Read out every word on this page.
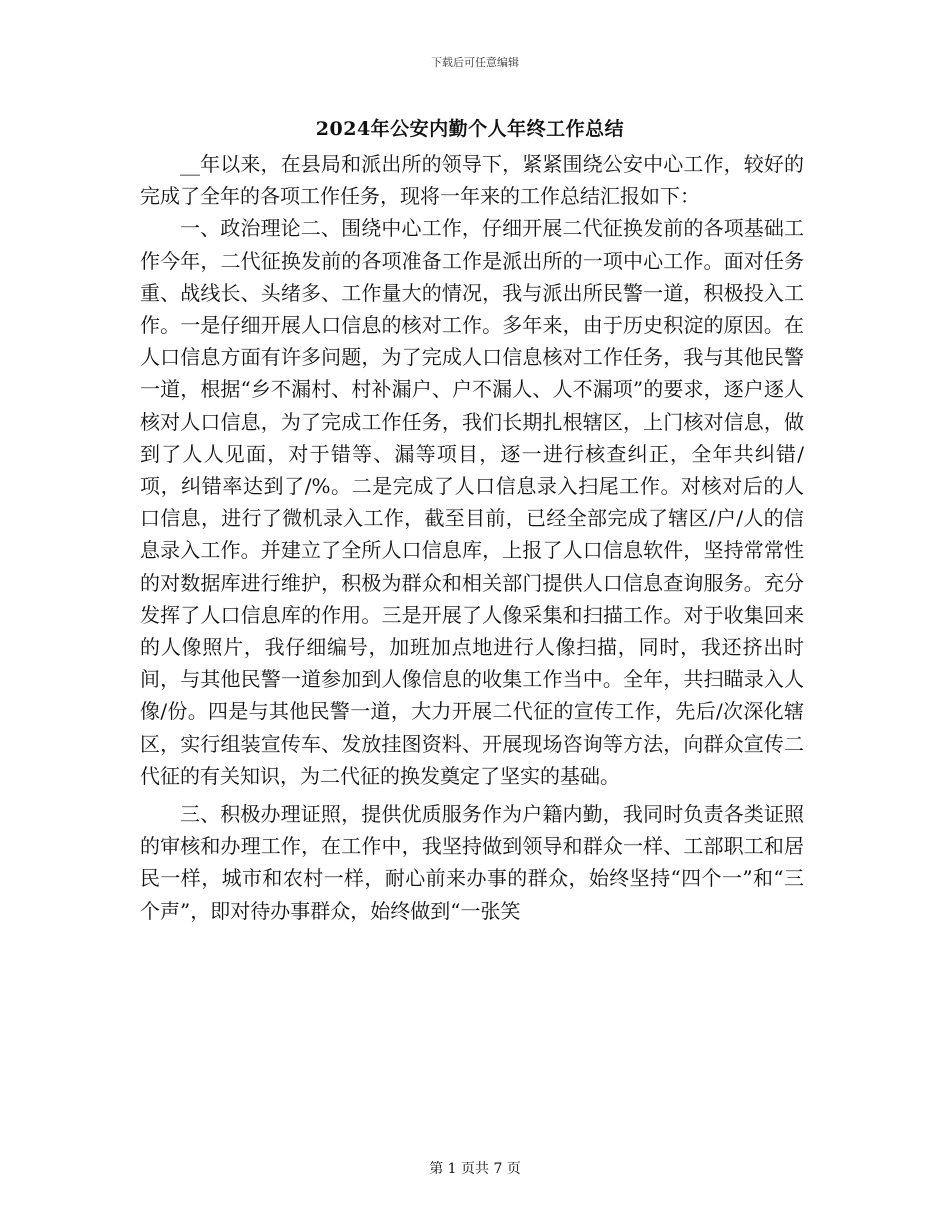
下载后可任意编辑
2024年公安内勤个人年终工作总结

__年以来，在县局和派出所的领导下，紧紧围绕公安中心工作，较好的完成了全年的各项工作任务，现将一年来的工作总结汇报如下：

一、政治理论二、围绕中心工作，仔细开展二代征换发前的各项基础工作今年，二代征换发前的各项准备工作是派出所的一项中心工作。面对任务重、战线长、头绪多、工作量大的情况，我与派出所民警一道，积极投入工作。一是仔细开展人口信息的核对工作。多年来，由于历史积淀的原因。在人口信息方面有许多问题，为了完成人口信息核对工作任务，我与其他民警一道，根据“乡不漏村、村补漏户、户不漏人、人不漏项”的要求，逐户逐人核对人口信息，为了完成工作任务，我们长期扎根辖区，上门核对信息，做到了人人见面，对于错等、漏等项目，逐一进行核查纠正，全年共纠错/项，纠错率达到了/%。二是完成了人口信息录入扫尾工作。对核对后的人口信息，进行了微机录入工作，截至目前，已经全部完成了辖区/户/人的信息录入工作。并建立了全所人口信息库，上报了人口信息软件，坚持常常性的对数据库进行维护，积极为群众和相关部门提供人口信息查询服务。充分发挥了人口信息库的作用。三是开展了人像采集和扫描工作。对于收集回来的人像照片，我仔细编号，加班加点地进行人像扫描，同时，我还挤出时间，与其他民警一道参加到人像信息的收集工作当中。全年，共扫瞄录入人像/份。四是与其他民警一道，大力开展二代征的宣传工作，先后/次深化辖区，实行组装宣传车、发放挂图资料、开展现场咨询等方法，向群众宣传二代征的有关知识，为二代征的换发奠定了坚实的基础。

三、积极办理证照，提供优质服务作为户籍内勤，我同时负责各类证照的审核和办理工作，在工作中，我坚持做到领导和群众一样、工部职工和居民一样，城市和农村一样，耐心前来办事的群众，始终坚持“四个一”和“三个声”，即对待办事群众，始终做到“一张笑

第 1 页共 7 页
